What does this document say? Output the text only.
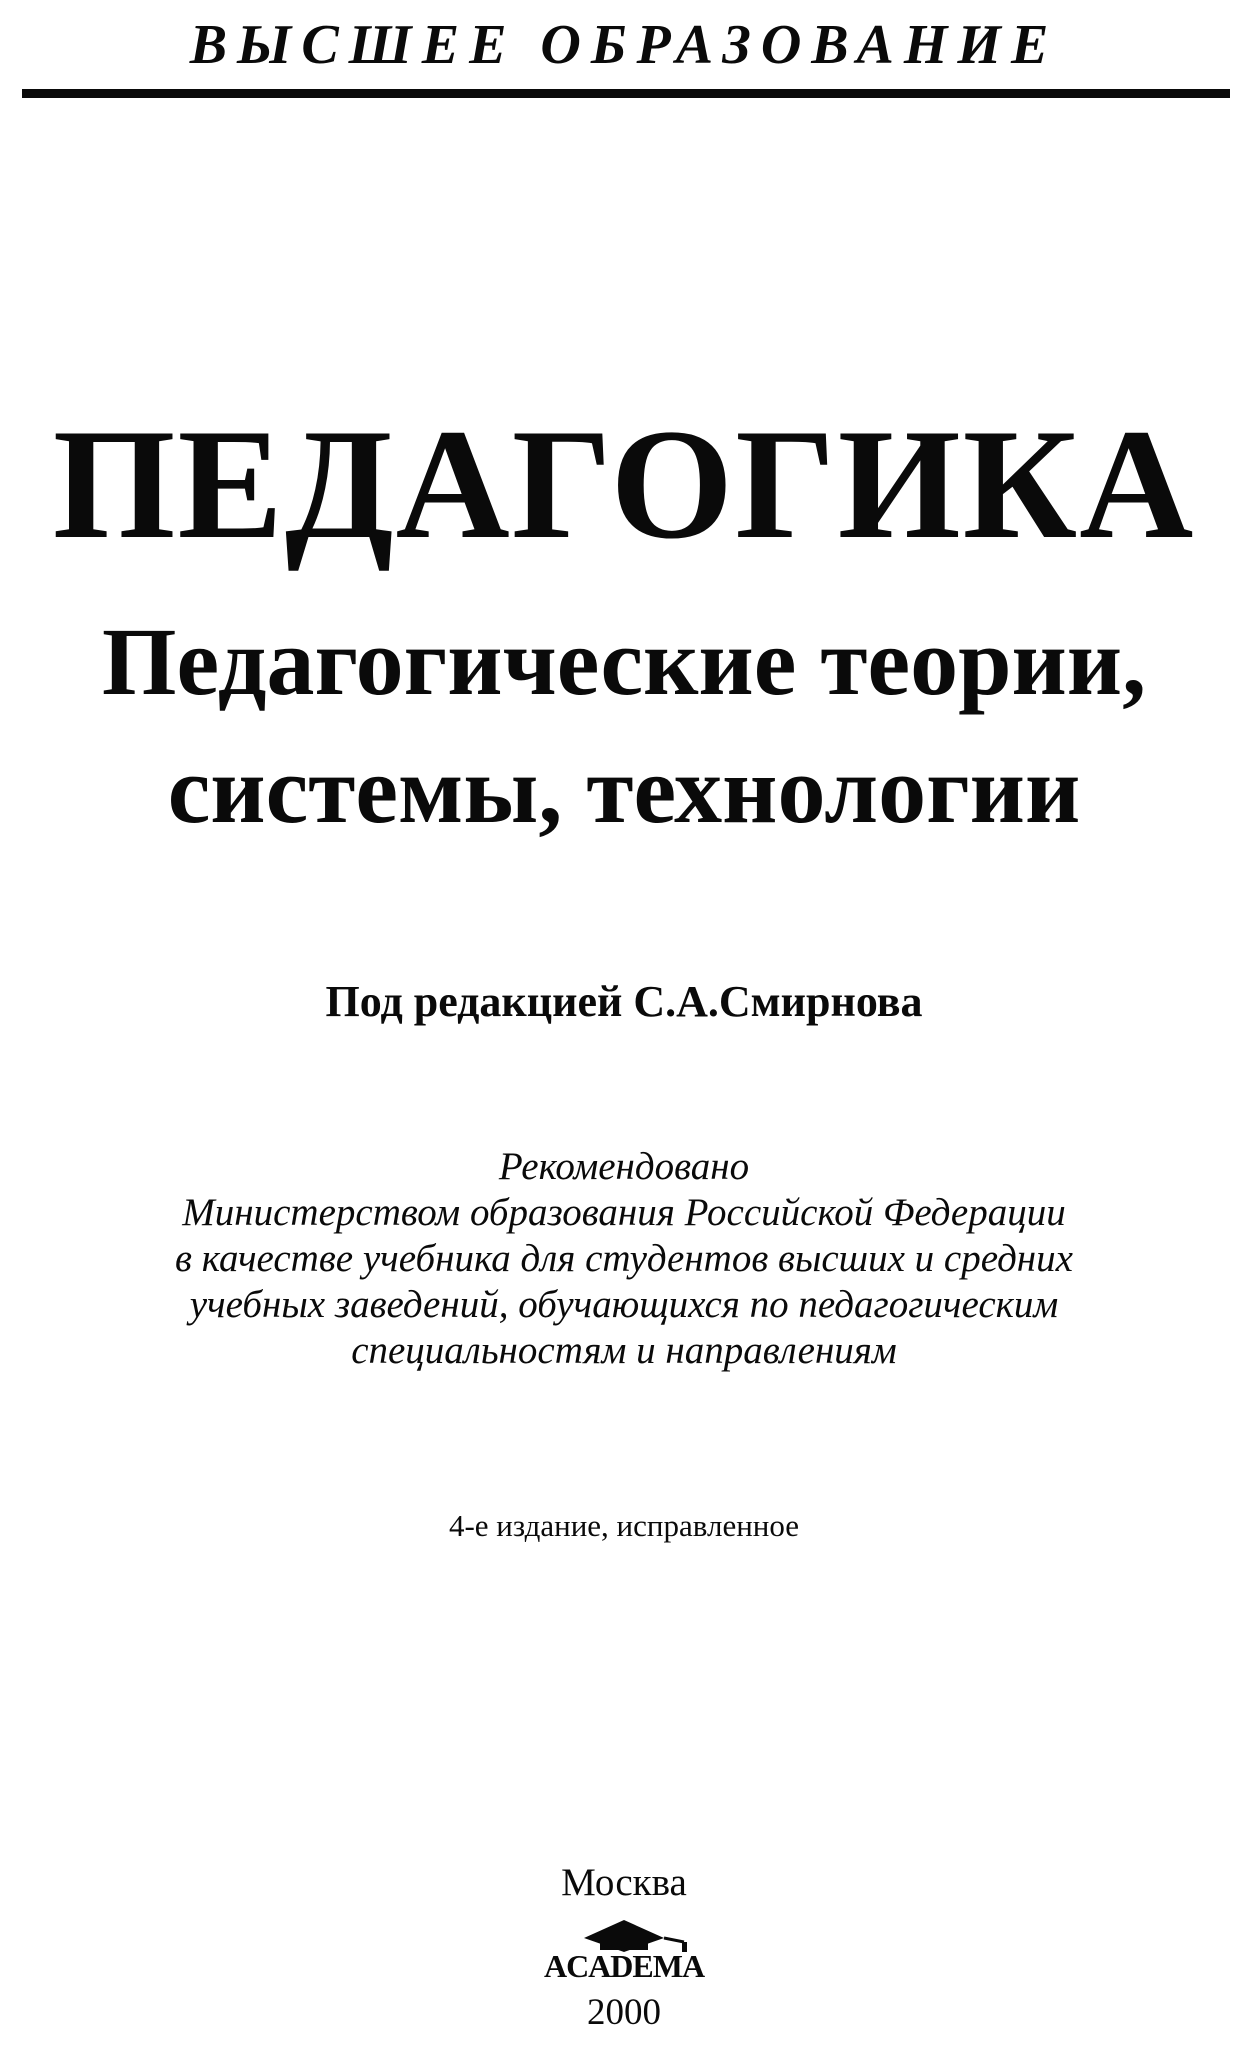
ВЫСШЕЕ ОБРАЗОВАНИЕ
ПЕДАГОГИКА
Педагогические теории,
системы, технологии
Под редакцией С.А.Смирнова
Рекомендовано
Министерством образования Российской Федерации
в качестве учебника для студентов высших и средних
учебных заведений, обучающихся по педагогическим
специальностям и направлениям
4-е издание, исправленное
Москва
ACADEMA
2000
